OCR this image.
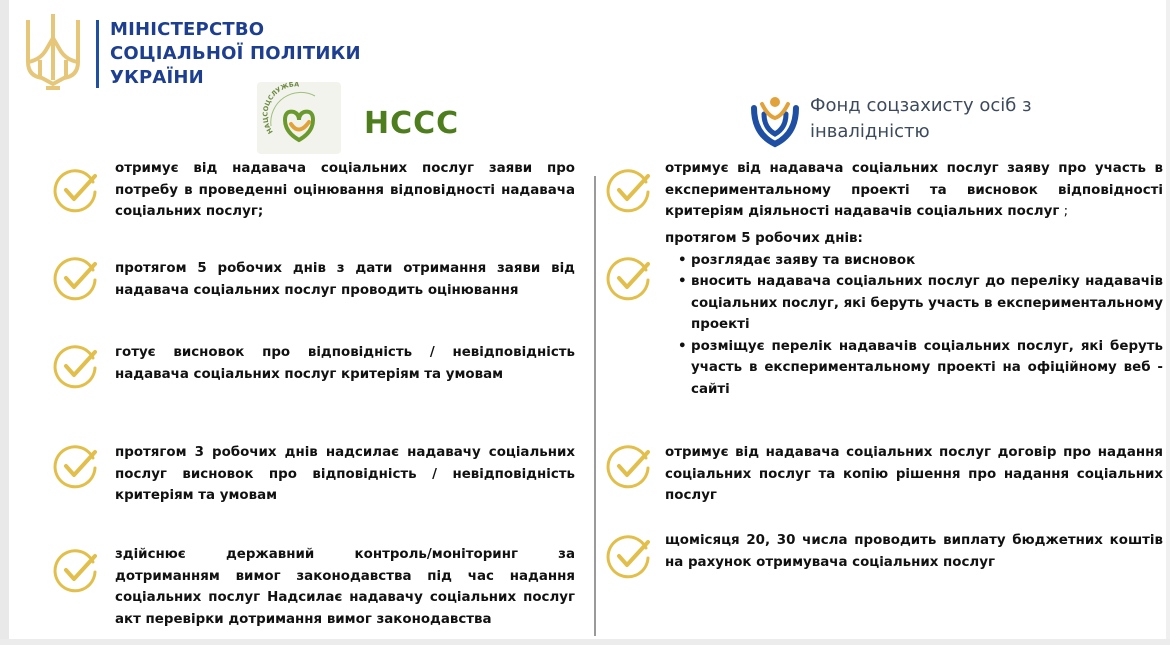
МІНІСТЕРСТВО
СОЦІАЛЬНОЇ ПОЛІТИКИ
УКРАЇНИ
НАЦСОЦСЛУЖБА
НССС
Фонд соцзахисту осіб з
інвалідністю
отримує від надавача соціальних послуг заяви про потребу в проведенні оцінювання відповідності надавача соціальних послуг;
протягом 5 робочих днів з дати отримання заяви від надавача соціальних послуг проводить оцінювання
готує висновок про відповідність / невідповідність надавача соціальних послуг критеріям та умовам
протягом 3 робочих днів надсилає надавачу соціальних послуг висновок про відповідність / невідповідність критеріям та умовам
здійснює державний контроль/моніторинг за дотриманням вимог законодавства під час надання соціальних послуг Надсилає надавачу соціальних послуг акт перевірки дотримання вимог законодавства
отримує від надавача соціальних послуг заяву про участь в експериментальному проекті та висновок відповідності критеріям діяльності надавачів соціальних послуг ;
протягом 5 робочих днів:
• розглядає заяву та висновок
• вносить надавача соціальних послуг до переліку надавачів соціальних послуг, які беруть участь в експериментальному проекті
• розміщує перелік надавачів соціальних послуг, які беруть участь в експериментальному проекті на офіційному веб - сайті
отримує від надавача соціальних послуг договір про надання соціальних послуг та копію рішення про надання соціальних послуг
щомісяця 20, 30 числа проводить виплату бюджетних коштів на рахунок отримувача соціальних послуг
